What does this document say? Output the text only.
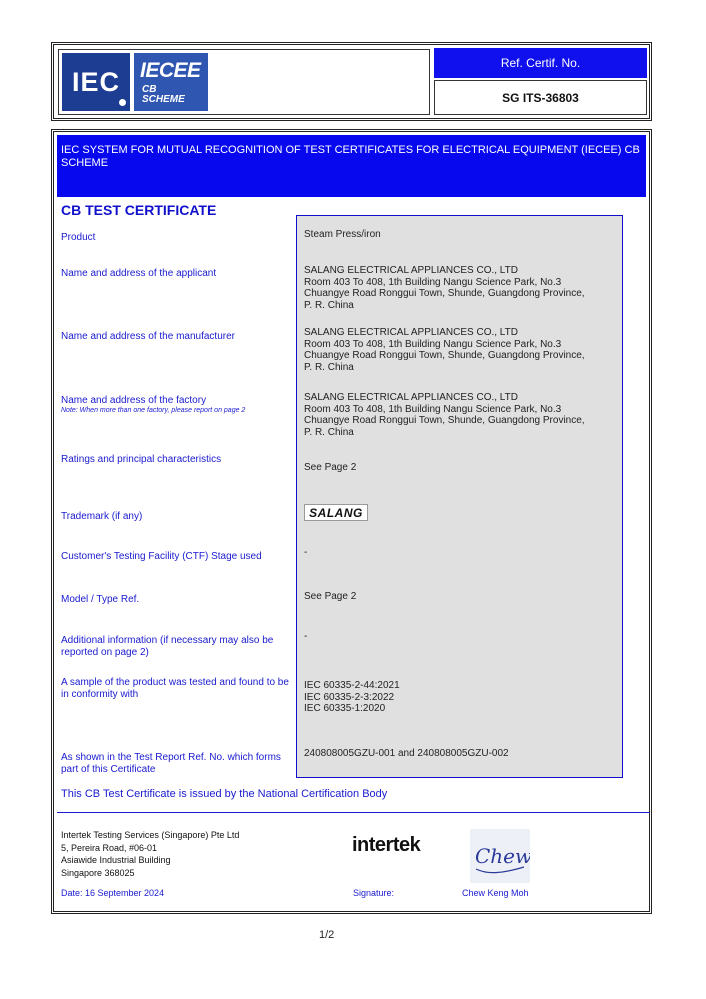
IEC IECEE
CB
SCHEME
Ref. Certif. No.
SG ITS-36803
IEC SYSTEM FOR MUTUAL RECOGNITION OF TEST CERTIFICATES FOR ELECTRICAL EQUIPMENT (IECEE) CB SCHEME
CB TEST CERTIFICATE
Product	Steam Press/iron
Name and address of the applicant	SALANG ELECTRICAL APPLIANCES CO., LTD
Room 403 To 408, 1th Building Nangu Science Park, No.3
Chuangye Road Ronggui Town, Shunde, Guangdong Province,
P. R. China
Name and address of the manufacturer	SALANG ELECTRICAL APPLIANCES CO., LTD
Room 403 To 408, 1th Building Nangu Science Park, No.3
Chuangye Road Ronggui Town, Shunde, Guangdong Province,
P. R. China
Name and address of the factory
Note: When more than one factory, please report on page 2
SALANG ELECTRICAL APPLIANCES CO., LTD
Room 403 To 408, 1th Building Nangu Science Park, No.3
Chuangye Road Ronggui Town, Shunde, Guangdong Province,
P. R. China
Ratings and principal characteristics
See Page 2
Trademark (if any)	SALANG
Customer's Testing Facility (CTF) Stage used	-
Model / Type Ref.	See Page 2
Additional information (if necessary may also be reported on page 2)
-
A sample of the product was tested and found to be in conformity with
IEC 60335-2-44:2021
IEC 60335-2-3:2022
IEC 60335-1:2020
As shown in the Test Report Ref. No. which forms part of this Certificate
240808005GZU-001 and 240808005GZU-002
This CB Test Certificate is issued by the National Certification Body
Intertek Testing Services (Singapore) Pte Ltd
5, Pereira Road, #06-01
Asiawide Industrial Building
Singapore 368025
intertek	Chew
Date: 16 September 2024	Signature:	Chew Keng Moh
1/2
